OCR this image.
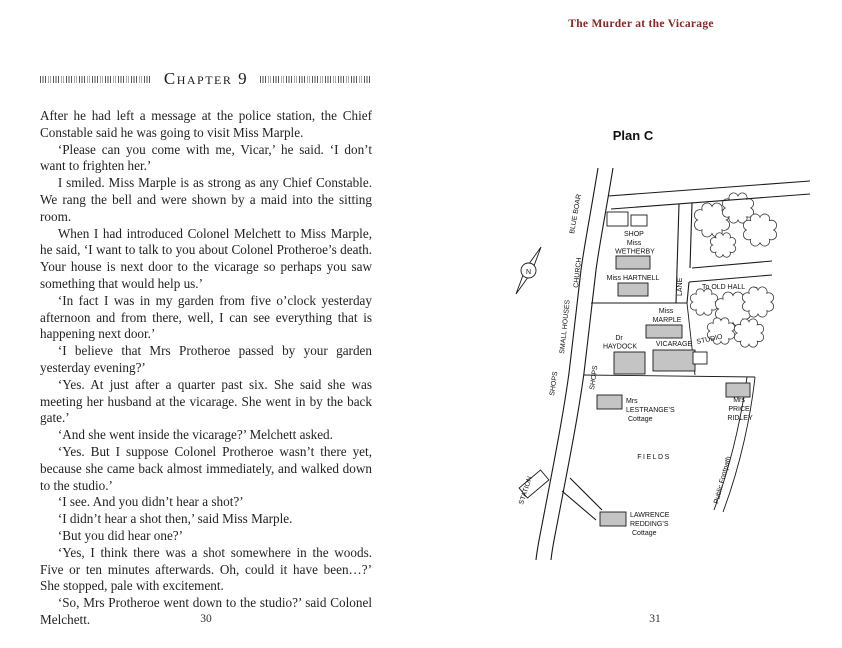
The Murder at the Vicarage
Chapter 9

After he had left a message at the police station, the Chief Constable said he was going to visit Miss Marple.

‘Please can you come with me, Vicar,’ he said. ‘I don’t want to frighten her.’

I smiled. Miss Marple is as strong as any Chief Constable. We rang the bell and were shown by a maid into the sitting room.

When I had introduced Colonel Melchett to Miss Marple, he said, ‘I want to talk to you about Colonel Protheroe’s death. Your house is next door to the vicarage so perhaps you saw something that would help us.’

‘In fact I was in my garden from five o’clock yesterday afternoon and from there, well, I can see everything that is happening next door.’

‘I believe that Mrs Protheroe passed by your garden yesterday evening?’

‘Yes. At just after a quarter past six. She said she was meeting her husband at the vicarage. She went in by the back gate.’

‘And she went inside the vicarage?’ Melchett asked.

‘Yes. But I suppose Colonel Protheroe wasn’t there yet, because she came back almost immediately, and walked down to the studio.’

‘I see. And you didn’t hear a shot?’

‘I didn’t hear a shot then,’ said Miss Marple.

‘But you did hear one?’

‘Yes, I think there was a shot somewhere in the woods. Five or ten minutes afterwards. Oh, could it have been…?’ She stopped, pale with excitement.

‘So, Mrs Protheroe went down to the studio?’ said Colonel Melchett.	30	31
Plan C
N
BLUE BOAR
CHURCH
SMALL HOUSES
SHOPS	SHOPS
SHOP
Miss WETHERBY
Miss HARTNELL
Miss MARPLE
Dr HAYDOCK	VICARAGE STUDIO
LANE	To OLD HALL →
Mrs PRICE RIDLEY
Mrs LESTRANGE’S Cottage
FIELDS	Public Footpath
STATION
LAWRENCE REDDING’S Cottage
